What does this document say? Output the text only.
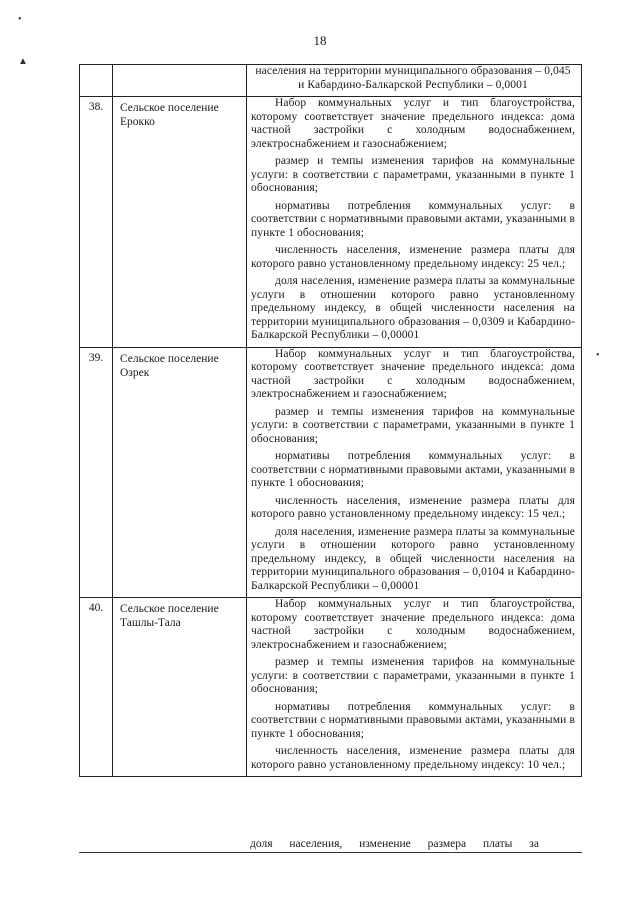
18
•
▲
•

		населения на территории муниципального образования – 0,045 и Кабардино-Балкарской Республики – 0,0001

38.	Сельское поселение Ерокко	Набор коммунальных услуг и тип благоустройства, которому соответствует значение предельного индекса: дома частной застройки с холодным водоснабжением, электроснабжением и газоснабжением;

размер и темпы изменения тарифов на коммунальные услуги: в соответствии с параметрами, указанными в пункте 1 обоснования;

нормативы потребления коммунальных услуг: в соответствии с нормативными правовыми актами, указанными в пункте 1 обоснования;

численность населения, изменение размера платы для которого равно установленному предельному индексу: 25 чел.;

доля населения, изменение размера платы за коммунальные услуги в отношении которого равно установленному предельному индексу, в общей численности населения на территории муниципального образования – 0,0309 и Кабардино-Балкарской Республики – 0,00001

39.	Сельское поселение Озрек	Набор коммунальных услуг и тип благоустройства, которому соответствует значение предельного индекса: дома частной застройки с холодным водоснабжением, электроснабжением и газоснабжением;

размер и темпы изменения тарифов на коммунальные услуги: в соответствии с параметрами, указанными в пункте 1 обоснования;

нормативы потребления коммунальных услуг: в соответствии с нормативными правовыми актами, указанными в пункте 1 обоснования;

численность населения, изменение размера платы для которого равно установленному предельному индексу: 15 чел.;

доля населения, изменение размера платы за коммунальные услуги в отношении которого равно установленному предельному индексу, в общей численности населения на территории муниципального образования – 0,0104 и Кабардино-Балкарской Республики – 0,00001

40.	Сельское поселение Ташлы-Тала	Набор коммунальных услуг и тип благоустройства, которому соответствует значение предельного индекса: дома частной застройки с холодным водоснабжением, электроснабжением и газоснабжением;

размер и темпы изменения тарифов на коммунальные услуги: в соответствии с параметрами, указанными в пункте 1 обоснования;

нормативы потребления коммунальных услуг: в соответствии с нормативными правовыми актами, указанными в пункте 1 обоснования;

численность населения, изменение размера платы для которого равно установленному предельному индексу: 10 чел.;

доля населения, изменение размера платы за
